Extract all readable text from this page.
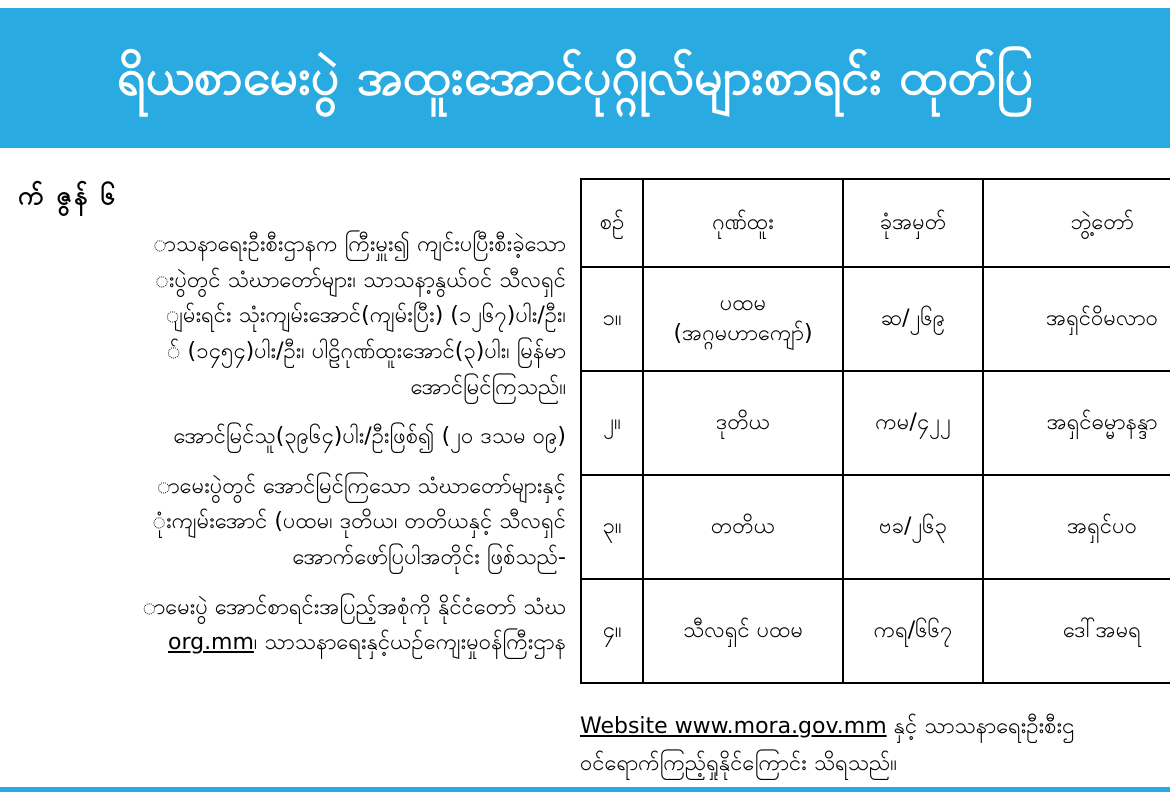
ရိယစာမေးပွဲ အထူးအောင်ပုဂ္ဂိုလ်များစာရင်း ထုတ်ပြ
က် ဇွန် ၆
ာသနာရေးဦးစီးဌာနက ကြီးမှူး၍ ကျင်းပပြီးစီးခဲ့သော
းပွဲတွင် သံဃာတော်များ၊ သာသနာ့နွယ်ဝင် သီလရှင်
ျမ်းရင်း သုံးကျမ်းအောင်(ကျမ်းပြီး) (၁၂၆၇)ပါး/ဦး၊
် (၁၄၅၄)ပါး/ဦး၊ ပါဠိဂုဏ်ထူးအောင်(၃)ပါး၊ မြန်မာ
အောင်မြင်ကြသည်။
အောင်မြင်သူ(၃၉၆၄)ပါး/ဦးဖြစ်၍ (၂၀ ဒသမ ၀၉)
ာမေးပွဲတွင် အောင်မြင်ကြသော သံဃာတော်များနှင့်
ုံးကျမ်းအောင် (ပထမ၊ ဒုတိယ၊ တတိယနှင့် သီလရှင်
အောက်ဖော်ပြပါအတိုင်း ဖြစ်သည်-
ာမေးပွဲ အောင်စာရင်းအပြည့်အစုံကို နိုင်ငံတော် သံဃ
org.mm၊ သာသနာရေးနှင့်ယဉ်ကျေးမှုဝန်ကြီးဌာန
စဉ်	ဂုဏ်ထူး	ခုံအမှတ်	ဘွဲ့တော်
၁။	ပထမ
(အဂ္ဂမဟာကျော်)	ဆ/၂၆၉	အရှင်ဝိမလာဝ
၂။	ဒုတိယ	ကမ/၄၂၂	အရှင်ဓမ္မာနန္ဒာ
၃။	တတိယ	ဗခ/၂၆၃	အရှင်ပဝ
၄။	သီလရှင် ပထမ	ကရ/၆၆၇	ဒေါ်အမရ
Website www.mora.gov.mm နှင့် သာသနာရေးဦးစီးဌ
ဝင်ရောက်ကြည့်ရှုနိုင်ကြောင်း သိရသည်။
